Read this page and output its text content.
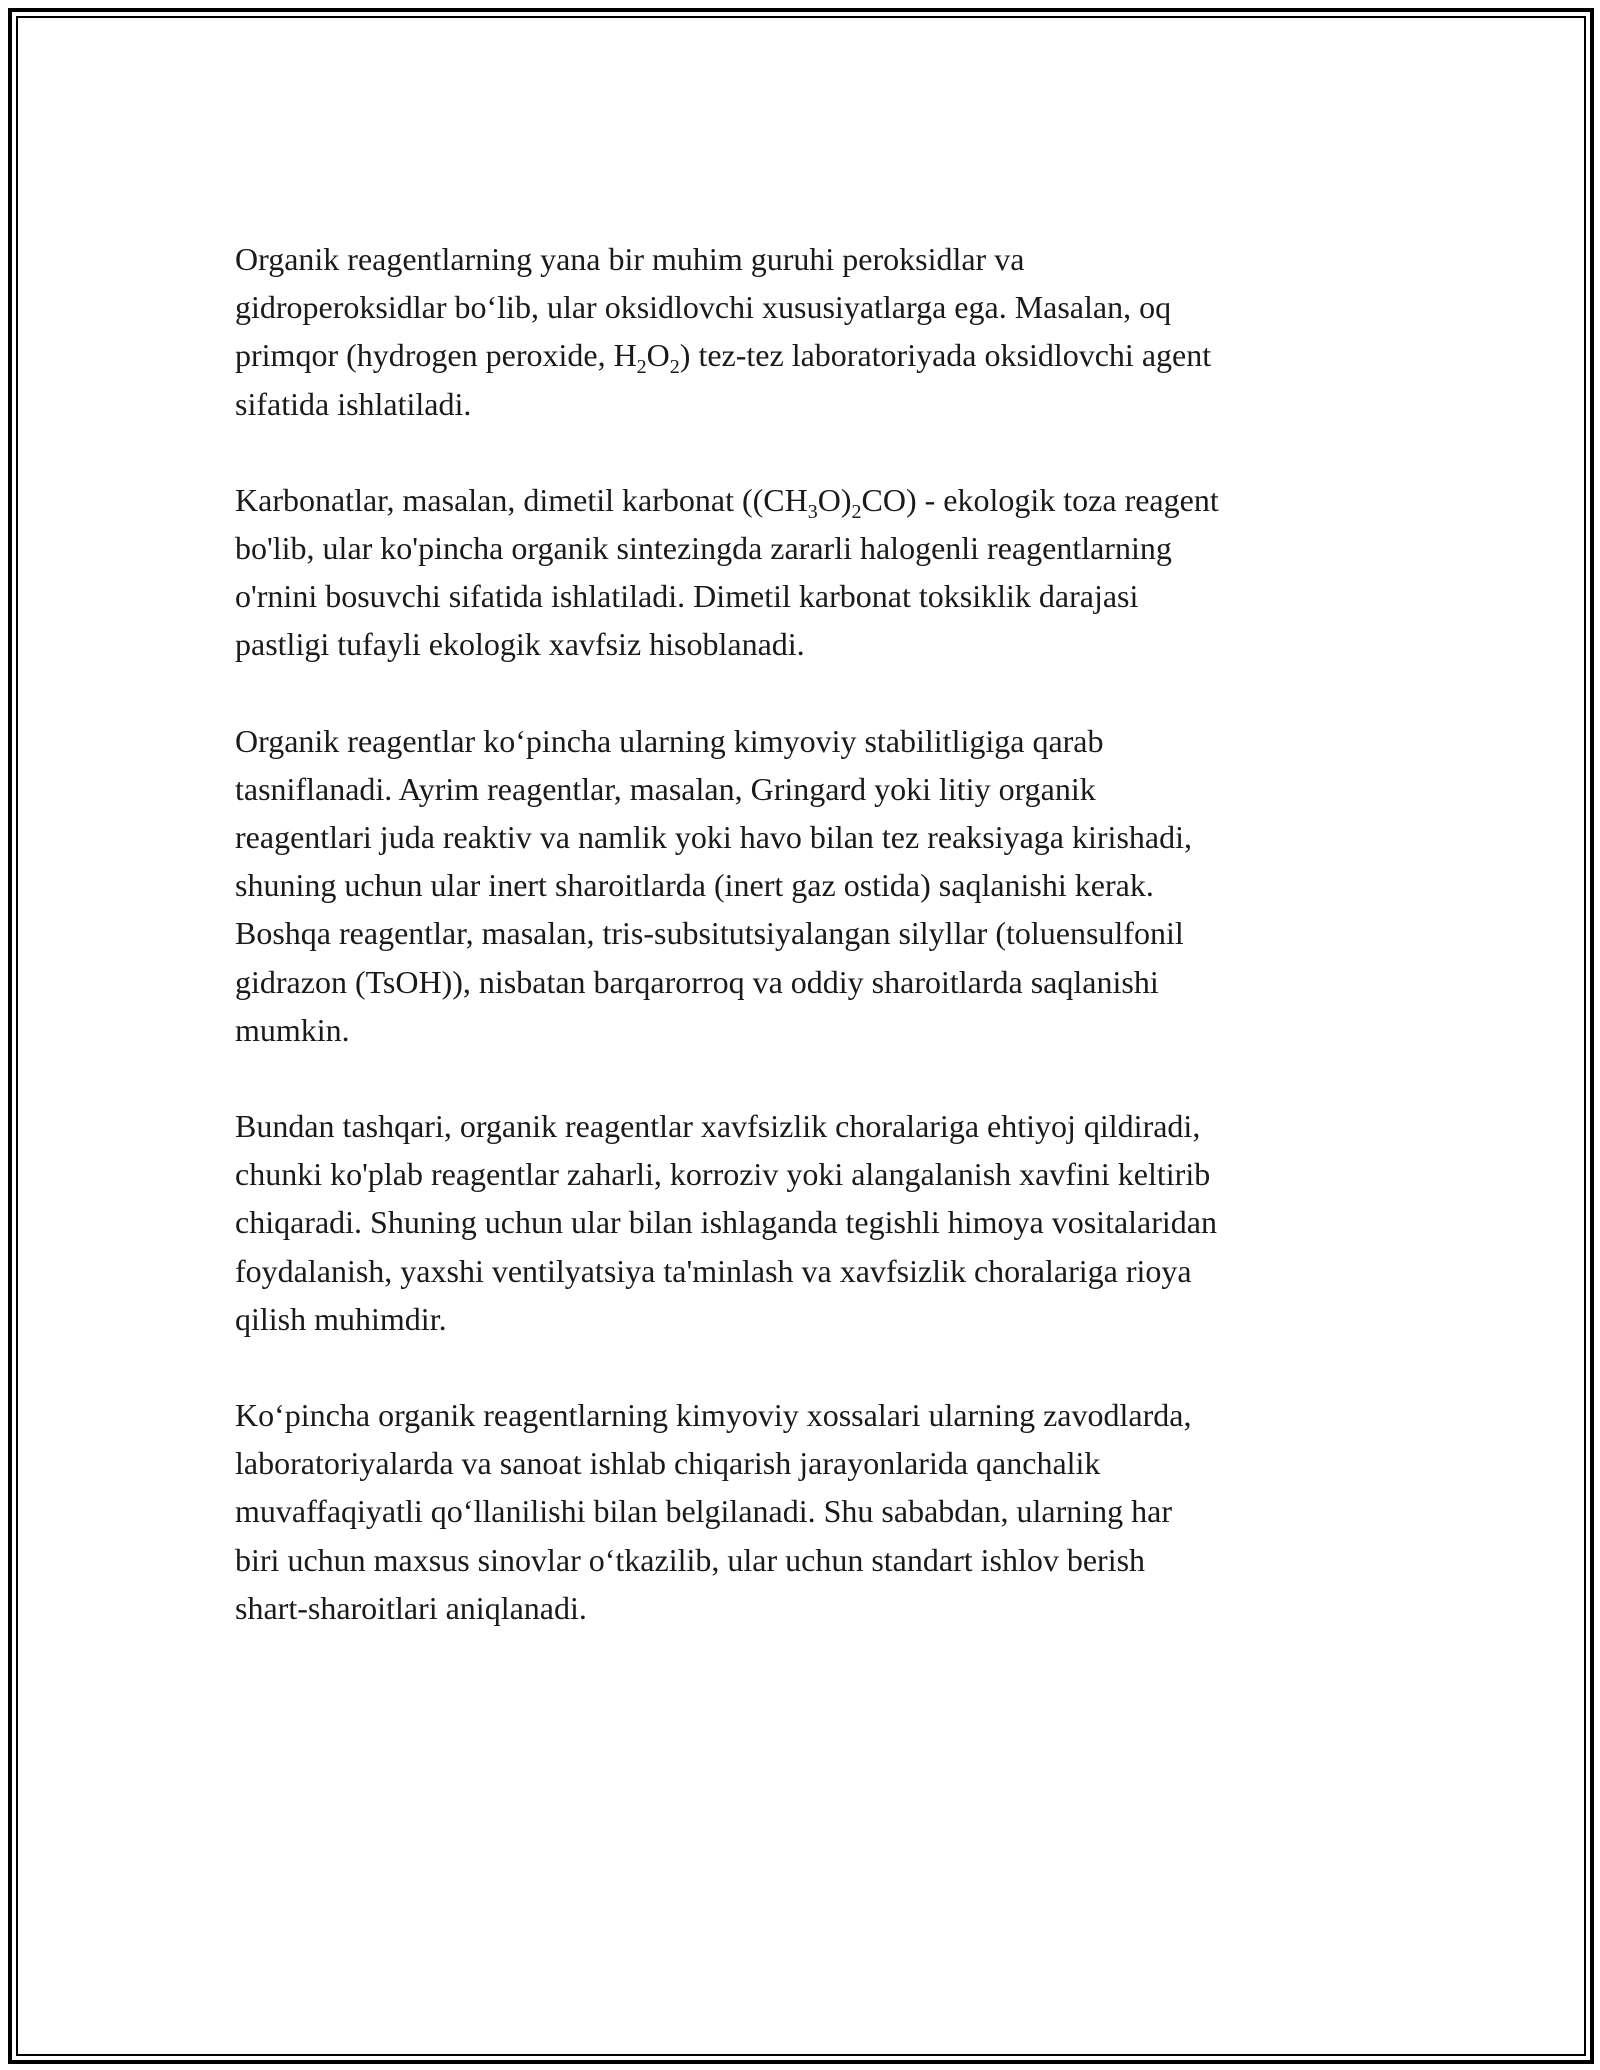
Organik reagentlarning yana bir muhim guruhi peroksidlar va
gidroperoksidlar bo‘lib, ular oksidlovchi xususiyatlarga ega. Masalan, oq
primqor (hydrogen peroxide, $H_2O_2$) tez-tez laboratoriyada oksidlovchi agent
sifatida ishlatiladi.

Karbonatlar, masalan, dimetil karbonat $((CH_3O)_2CO)$ - ekologik toza reagent
bo'lib, ular ko'pincha organik sintezingda zararli halogenli reagentlarning
o'rnini bosuvchi sifatida ishlatiladi. Dimetil karbonat toksiklik darajasi
pastligi tufayli ekologik xavfsiz hisoblanadi.

Organik reagentlar ko‘pincha ularning kimyoviy stabilitligiga qarab
tasniflanadi. Ayrim reagentlar, masalan, Gringard yoki litiy organik
reagentlari juda reaktiv va namlik yoki havo bilan tez reaksiyaga kirishadi,
shuning uchun ular inert sharoitlarda (inert gaz ostida) saqlanishi kerak.
Boshqa reagentlar, masalan, tris-subsitutsiyalangan silyllar (toluensulfonil
gidrazon (TsOH)), nisbatan barqarorroq va oddiy sharoitlarda saqlanishi
mumkin.

Bundan tashqari, organik reagentlar xavfsizlik choralariga ehtiyoj qildiradi,
chunki ko'plab reagentlar zaharli, korroziv yoki alangalanish xavfini keltirib
chiqaradi. Shuning uchun ular bilan ishlaganda tegishli himoya vositalaridan
foydalanish, yaxshi ventilyatsiya ta'minlash va xavfsizlik choralariga rioya
qilish muhimdir.

Ko‘pincha organik reagentlarning kimyoviy xossalari ularning zavodlarda,
laboratoriyalarda va sanoat ishlab chiqarish jarayonlarida qanchalik
muvaffaqiyatli qo‘llanilishi bilan belgilanadi. Shu sababdan, ularning har
biri uchun maxsus sinovlar o‘tkazilib, ular uchun standart ishlov berish
shart-sharoitlari aniqlanadi.
